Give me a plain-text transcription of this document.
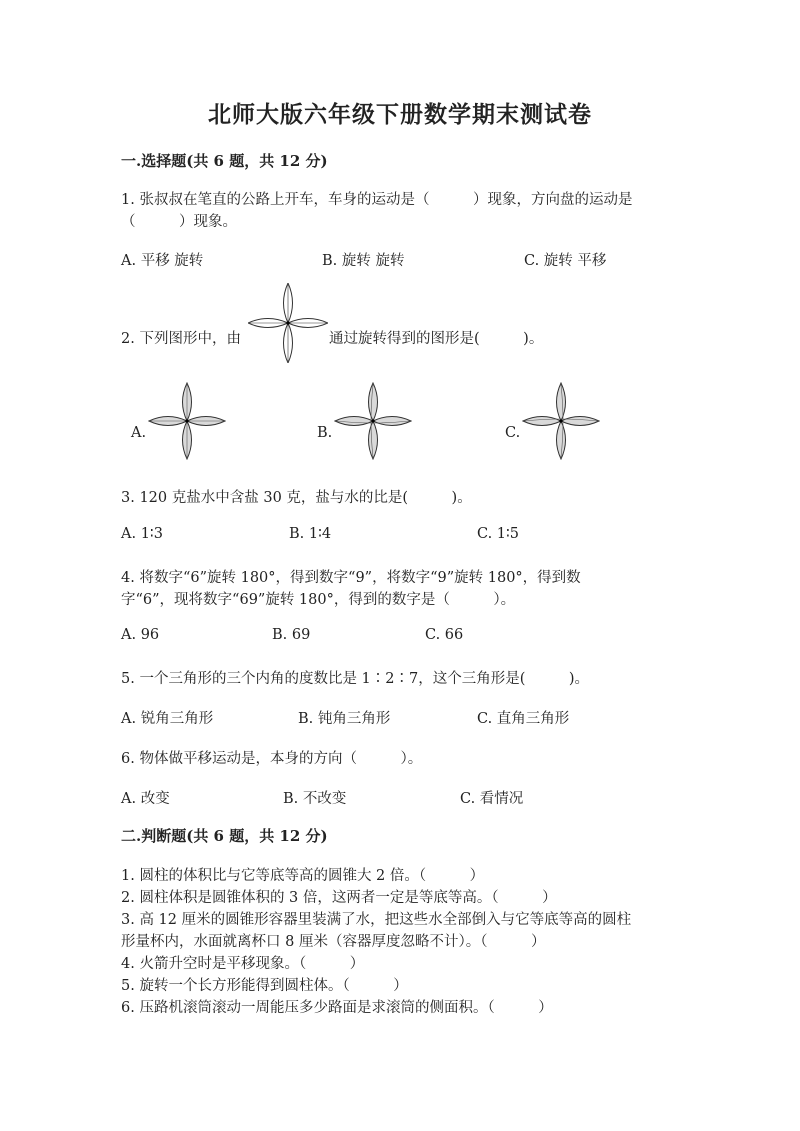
北师大版六年级下册数学期末测试卷
一.选择题(共 6 题，共 12 分)
1. 张叔叔在笔直的公路上开车，车身的运动是（　　　）现象，方向盘的运动是
（　　　）现象。
A. 平移 旋转	B. 旋转 旋转	C. 旋转 平移
2. 下列图形中，由	通过旋转得到的图形是(　　　)。
A.	B.	C.
3. 120 克盐水中含盐 30 克，盐与水的比是(　　　)。
A. 1∶3	B. 1∶4	C. 1∶5
4. 将数字“6”旋转 180°，得到数字“9”，将数字“9”旋转 180°，得到数
字“6”，现将数字“69”旋转 180°，得到的数字是（　　　）。
A. 96	B. 69	C. 66
5. 一个三角形的三个内角的度数比是 1∶2∶7，这个三角形是(　　　)。
A. 锐角三角形	B. 钝角三角形	C. 直角三角形
6. 物体做平移运动是，本身的方向（　　　）。
A. 改变	B. 不改变	C. 看情况
二.判断题(共 6 题，共 12 分)
1. 圆柱的体积比与它等底等高的圆锥大 2 倍。（　　　）
2. 圆柱体积是圆锥体积的 3 倍，这两者一定是等底等高。（　　　）
3. 高 12 厘米的圆锥形容器里装满了水，把这些水全部倒入与它等底等高的圆柱
形量杯内，水面就离杯口 8 厘米（容器厚度忽略不计）。（　　　）
4. 火箭升空时是平移现象。（　　　）
5. 旋转一个长方形能得到圆柱体。（　　　）
6. 压路机滚筒滚动一周能压多少路面是求滚筒的侧面积。（　　　）
